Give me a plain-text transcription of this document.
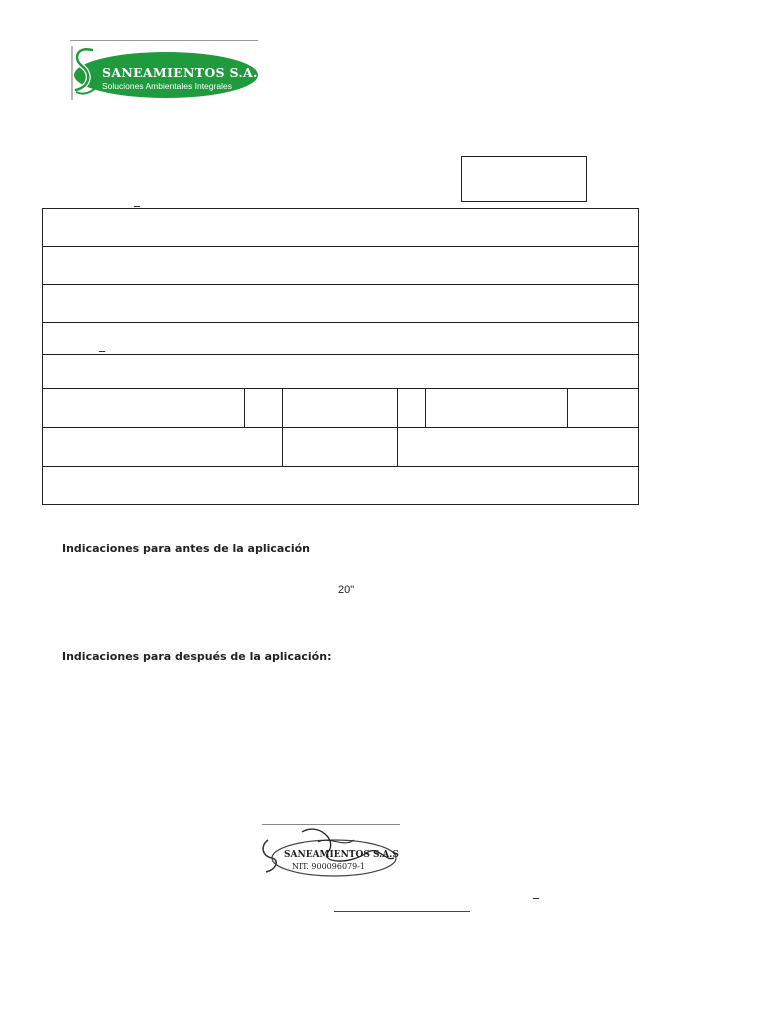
SANEAMIENTOS S.A.S
Soluciones Ambientales Integrales
_
_
Indicaciones para antes de la aplicación
20"
Indicaciones para después de la aplicación:
SANEAMIENTOS S.A.S
NIT. 900096079-1
_
